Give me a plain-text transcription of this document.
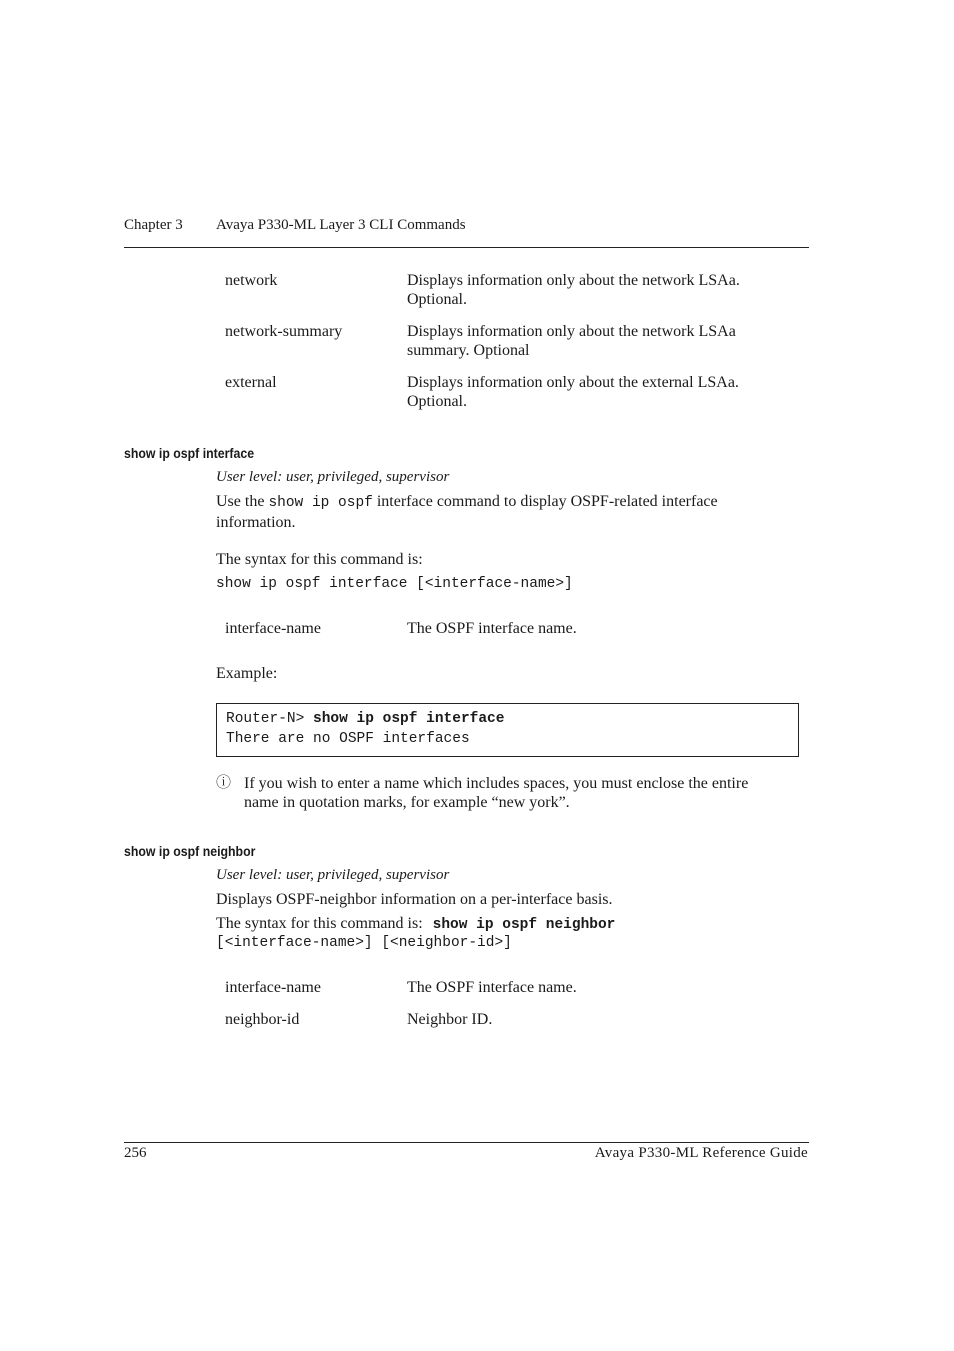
Chapter 3 Avaya P330-ML Layer 3 CLI Commands
network	Displays information only about the network LSAa.
Optional.
network-summary	Displays information only about the network LSAa
summary. Optional
external	Displays information only about the external LSAa.
Optional.
show ip ospf interface
User level: user, privileged, supervisor
Use the show ip ospf interface command to display OSPF-related interface
information.
The syntax for this command is:
show ip ospf interface [<interface-name>]
interface-name	The OSPF interface name.
Example:
Router-N> show ip ospf interface
There are no OSPF interfaces
ⓘ If you wish to enter a name which includes spaces, you must enclose the entire
name in quotation marks, for example “new york”.
show ip ospf neighbor
User level: user, privileged, supervisor
Displays OSPF-neighbor information on a per-interface basis.
The syntax for this command is: show ip ospf neighbor
[<interface-name>] [<neighbor-id>]
interface-name	The OSPF interface name.
neighbor-id	Neighbor ID.
256	Avaya P330-ML Reference Guide
